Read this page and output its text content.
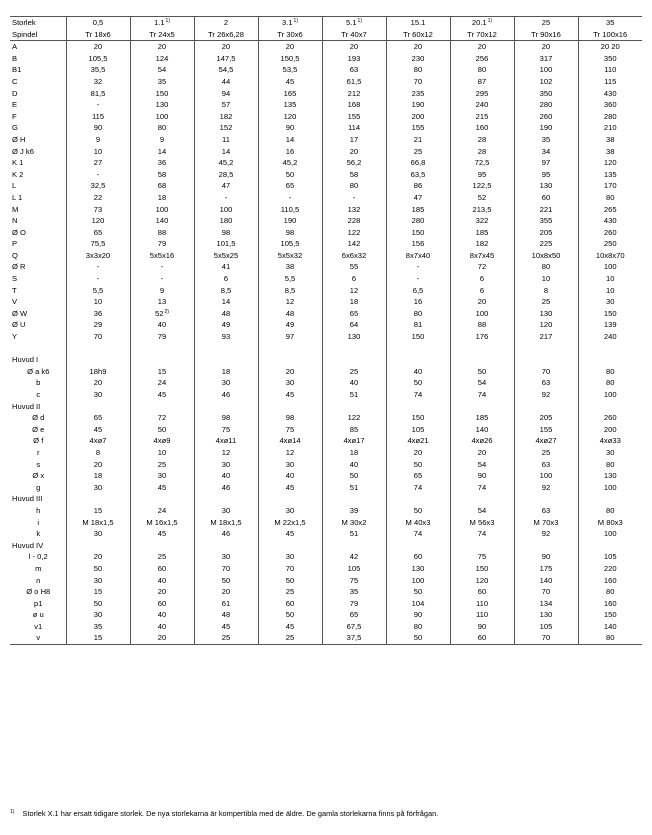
Storlek	0,5	1.1$^{1)}$	2	3.1$^{1)}$	5.1$^{1)}$	15.1	20.1$^{1)}$	25	35
Spindel	Tr 18x6	Tr 24x5	Tr 26x6,28	Tr 30x6	Tr 40x7	Tr 60x12	Tr 70x12	Tr 90x16	Tr 100x16
A	20	20	20	20	20	20	20	20	20 20
B	105,5	124	147,5	150,5	193	230	256	317	350
B1	35,5	54	54,5	53,5	63	80	80	100	110
C	32	35	44	45	61,5	70	87	102	115
D	81,5	150	94	165	212	235	295	350	430
E	-	130	57	135	168	190	240	280	360
F	115	100	182	120	155	200	215	260	280
G	90	80	152	90	114	155	160	190	210
Ø H	9	9	11	14	17	21	28	35	38
Ø J k6	10	14	14	16	20	25	28	34	38
K 1	27	36	45,2	45,2	56,2	66,8	72,5	97	120
K 2	-	58	28,5	50	58	63,5	95	95	135
L	32,5	68	47	65	80	86	122,5	130	170
L 1	22	18	-	-	-	47	52	60	80
M	73	100	100	110,5	132	185	213,5	221	265
N	120	140	180	190	228	280	322	355	430
Ø O	65	88	98	98	122	150	185	205	260
P	75,5	79	101,5	105,5	142	156	182	225	250
Q	3x3x20	5x5x16	5x5x25	5x5x32	6x6x32	8x7x40	8x7x45	10x8x50	10x8x70
Ø R	-	-	41	38	55	-	72	80	100
S	-	-	6	5,5	6	-	6	10	10
T	5,5	9	8,5	8,5	12	6,5	6	8	10
V	10	13	14	12	18	16	20	25	30
Ø W	36	52$^{2)}$	48	48	65	80	100	130	150
Ø U	29	40	49	49	64	81	88	120	139
Y	70	79	93	97	130	150	176	217	240

Huvud I									
Ø a k6	18h9	15	18	20	25	40	50	70	80
b	20	24	30	30	40	50	54	63	80
c	30	45	46	45	51	74	74	92	100
Huvud II									
Ø d	65	72	98	98	122	150	185	205	260
Ø e	45	50	75	75	85	105	140	155	200
Ø f	4xø7	4xø9	4xø11	4xø14	4xø17	4xø21	4xø26	4xø27	4xø33
r	8	10	12	12	18	20	20	25	30
s	20	25	30	30	40	50	54	63	80
Ø x	18	30	40	40	50	65	90	100	130
g	30	45	46	45	51	74	74	92	100
Huvud III									
h	15	24	30	30	39	50	54	63	80
i	M 18x1,5	M 16x1,5	M 18x1,5	M 22x1,5	M 30x2	M 40x3	M 56x3	M 70x3	M 80x3
k	30	45	46	45	51	74	74	92	100
Huvud IV									
l - 0,2	20	25	30	30	42	60	75	90	105
m	50	60	70	70	105	130	150	175	220
n	30	40	50	50	75	100	120	140	160
Ø o H8	15	20	20	25	35	50	60	70	80
p1	50	60	61	60	79	104	110	134	160
ø u	30	40	48	50	65	90	110	130	150
v1	35	40	45	45	67,5	80	90	105	140
v	15	20	25	25	37,5	50	60	70	80
$^{1)}$ Storlek X.1 har ersatt tidigare storlek. De nya storlekarna är kompertibla med de äldre. De gamla storlekarna finns på förfrågan.
